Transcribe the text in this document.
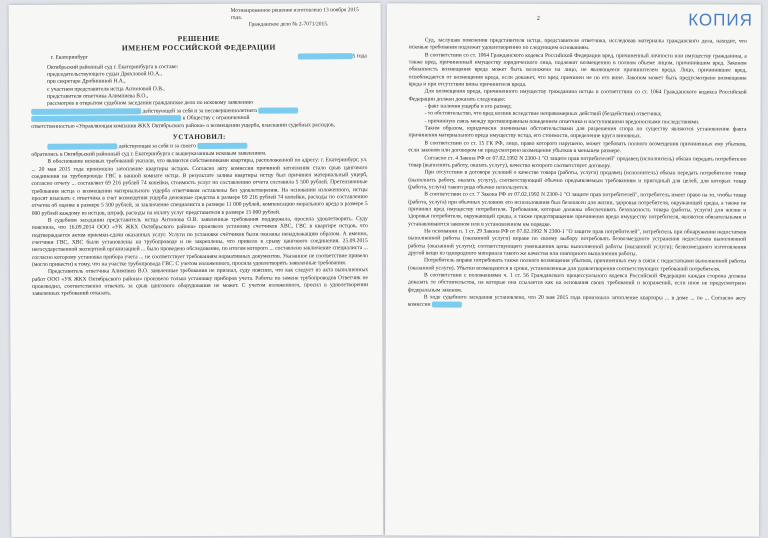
Мотивированное решение изготовлено 13 ноября 2015 года.
Гражданское дело № 2-7071/2015.
РЕШЕНИЕ
ИМЕНЕМ РОССИЙСКОЙ ФЕДЕРАЦИИ
г. Екатеринбург	5 года

Октябрьский районный суд г. Екатеринбурга в составе:

председательствующего судьи Дряхловой Ю.А.,

при секретаре Дробининой Н.А.,

с участием представителя истца Антоновой О.В.,

представителя ответчика Алимпиева В.О.,

рассмотрев в открытом судебном заседании гражданское дело по исковому заявлению

действующей за себя и за несовершеннолетнего

к Обществу с ограниченной

ответственностью «Управляющая компания ЖКХ Октябрьского района» о возмещении ущерба, взыскании судебных расходов,

УСТАНОВИЛ:

действующая за себя и за своего

обратились в Октябрьский районный суд г. Екатеринбурга с вышеуказанным исковым заявлением.

В обоснование исковых требований указали, что являются собственниками квартиры, расположенной по адресу: г. Екатеринбург, ул. ... 20 мая 2015 года произошло затопление квартиры истцов. Согласно акту комиссии причиной затопления стало срыв цангового соединения на трубопроводе ГВС в ванной комнате истца. В результате залива квартиры истцу был причинен материальный ущерб, согласно отчету ... составляет 69 216 рублей 74 копейки, стоимость услуг по составлению отчета составила 5 500 рублей. Претензионные требования истца о возмещении материального ущерба ответчиком оставлены без удовлетворения. На основании изложенного, истцы просят взыскать с ответчика в счет возмещения ущерба денежные средства в размере 69 216 рублей 74 копейки, расходы по составлению отчетов об оценке в размере 5 500 рублей, за заключение специалиста в размере 11 000 рублей, компенсацию морального вреда в размере 5 000 рублей каждому из истцов, штраф, расходы на оплату услуг представителя в размере 15 000 рублей.

В судебном заседании представитель истца Антонова О.В. заявленные требования поддержала, просила удовлетворить. Суду пояснила, что 16.09.2014 ООО «УК ЖКХ Октябрьского района» произвело установку счетчиков ХВС, ГВС в квартире истцов, что подтверждается актом приемки-сдачи оказанных услуг. Услуги по установке счётчиков были оказаны ненадлежащим образом. А именно, счетчики ГВС, ХВС были установлены на трубопроводе и не закреплены, что привело к срыву цангового соединения. 25.09.2015 негосударственной экспертной организацией ... было проведено обследование, по итогам которого ... составлено заключение специалиста ... согласно которому установка прибора учета ... не соответствует требованиям нормативных документов. Указанное не соответствие привело (могло привести) к тому, что на участке трубопровода ГВС. С учетом изложенного, просила удовлетворить заявленные требования.

Представитель ответчика Алимпиев В.О. заявленные требования не признал, суду пояснил, что как следует из акта выполненных работ ООО «УК ЖКХ Октябрьского района» произвело только установку приборов учета. Работы по замене трубопроводов Ответчик не производил, соответственно отвечать за срыв цангового оборудования не может. С учетом изложенного, просил в удовлетворении заявленных требований отказать.

2	КОПИЯ

Суд, заслушав пояснения представителя истца, представителя ответчика, исследовав материалы гражданского дела, находит, что исковые требования подлежат удовлетворению по следующим основаниям.

В соответствии со ст. 1064 Гражданского кодекса Российской Федерации вред, причиненный личности или имуществу гражданина, а также вред, причиненный имуществу юридического лица, подлежит возмещению в полном объеме лицом, причинившим вред. Законом обязанность возмещения вреда может быть возложена на лицо, не являющееся причинителем вреда. Лицо, причинившее вред, освобождается от возмещения вреда, если докажет, что вред причинен не по его вине. Законом может быть предусмотрено возмещение вреда и при отсутствии вины причинителя вреда.

Для возмещения вреда, причиненного имуществу гражданина истцы в соответствии со ст. 1064 Гражданского кодекса Российской Федерации должен доказать следующее:

- факт наличия ущерба и его размер;

- то обстоятельство, что вред возник вследствие неправомерных действий (бездействия) ответчика;

- причинную связь между противоправным поведением ответчика и наступившими вредоносными последствиями.

Таким образом, юридически значимыми обстоятельствами для разрешения спора по существу являются установление факта причинения материального вреда имуществу истца, его стоимости, определение круга виновных.

В соответствии со ст. 15 ГК РФ, лицо, право которого нарушено, может требовать полного возмещения причиненных ему убытков, если законом или договором не предусмотрено возмещение убытков в меньшем размере.

Согласно ст. 4 Закона РФ от 07.02.1992 N 2300-1 "О защите прав потребителей" продавец (исполнитель) обязан передать потребителю товар (выполнить работу, оказать услугу), качество которого соответствует договору.

При отсутствии в договоре условий о качестве товара (работы, услуги) продавец (исполнитель) обязан передать потребителю товар (выполнить работу, оказать услугу), соответствующий обычно предъявляемым требованиям и пригодный для целей, для которых товар (работа, услуга) такого рода обычно используется.

В соответствии со ст. 7 Закона РФ от 07.02.1992 N 2300-1 "О защите прав потребителей", потребитель имеет право на то, чтобы товар (работа, услуга) при обычных условиях его использования был безопасен для жизни, здоровья потребителя, окружающей среды, а также не причинял вред имуществу потребителя. Требования, которые должны обеспечивать безопасность товара (работы, услуги) для жизни и здоровья потребителя, окружающей среды, а также предотвращение причинения вреда имуществу потребителя, являются обязательными и устанавливаются законом или в установленном им порядке.

На основании п. 1 ст. 29 Закона РФ от 07.02.1992 N 2300-1 "О защите прав потребителей", потребитель при обнаружении недостатков выполненной работы (оказанной услуги) вправе по своему выбору потребовать безвозмездного устранения недостатков выполненной работы (оказанной услуги); соответствующего уменьшения цены выполненной работы (оказанной услуги); безвозмездного изготовления другой вещи из однородного материала такого же качества или повторного выполнения работы.

Потребитель вправе потребовать также полного возмещения убытков, причиненных ему в связи с недостатками выполненной работы (оказанной услуги). Убытки возмещаются в сроки, установленные для удовлетворения соответствующих требований потребителя.

В соответствии с положениями ч. 1 ст. 56 Гражданского процессуального кодекса Российской Федерации каждая сторона должна доказать те обстоятельства, на которые она ссылается как на основания своих требований и возражений, если иное не предусмотрено федеральным законом.

В ходе судебного заседания установлено, что 20 мая 2015 года произошло затопление квартиры ... в доме ... по ... Согласно акту комиссии
